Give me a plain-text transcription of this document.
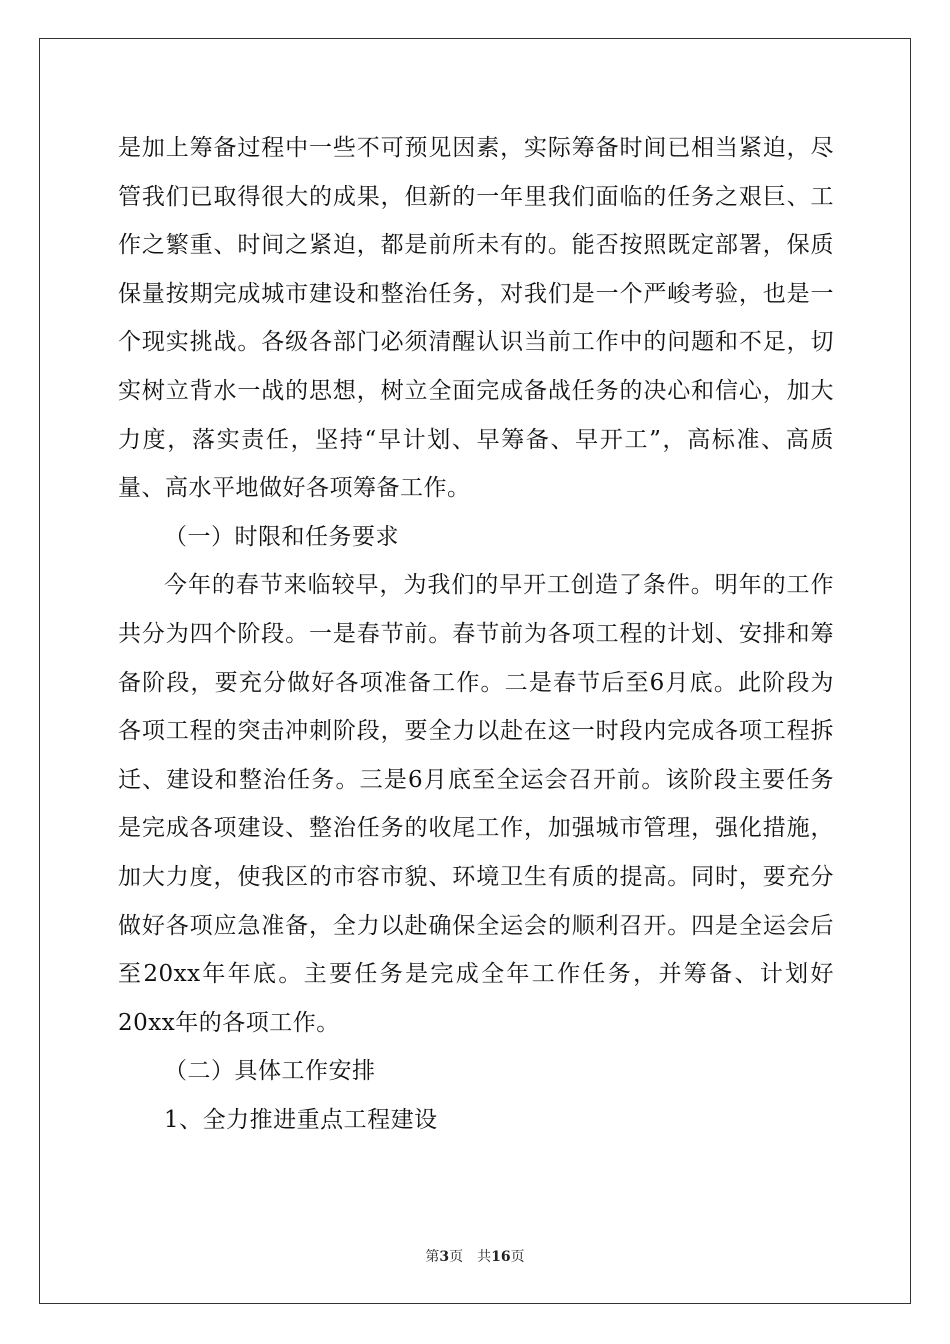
是加上筹备过程中一些不可预见因素，实际筹备时间已相当紧迫，尽管我们已取得很大的成果，但新的一年里我们面临的任务之艰巨、工作之繁重、时间之紧迫，都是前所未有的。能否按照既定部署，保质保量按期完成城市建设和整治任务，对我们是一个严峻考验，也是一个现实挑战。各级各部门必须清醒认识当前工作中的问题和不足，切实树立背水一战的思想，树立全面完成备战任务的决心和信心，加大力度，落实责任，坚持“早计划、早筹备、早开工”，高标准、高质量、高水平地做好各项筹备工作。

（一）时限和任务要求

今年的春节来临较早，为我们的早开工创造了条件。明年的工作共分为四个阶段。一是春节前。春节前为各项工程的计划、安排和筹备阶段，要充分做好各项准备工作。二是春节后至6月底。此阶段为各项工程的突击冲刺阶段，要全力以赴在这一时段内完成各项工程拆迁、建设和整治任务。三是6月底至全运会召开前。该阶段主要任务是完成各项建设、整治任务的收尾工作，加强城市管理，强化措施，加大力度，使我区的市容市貌、环境卫生有质的提高。同时，要充分做好各项应急准备，全力以赴确保全运会的顺利召开。四是全运会后至20xx年年底。主要任务是完成全年工作任务，并筹备、计划好20xx年的各项工作。

（二）具体工作安排

1、全力推进重点工程建设

第3页 共16页
